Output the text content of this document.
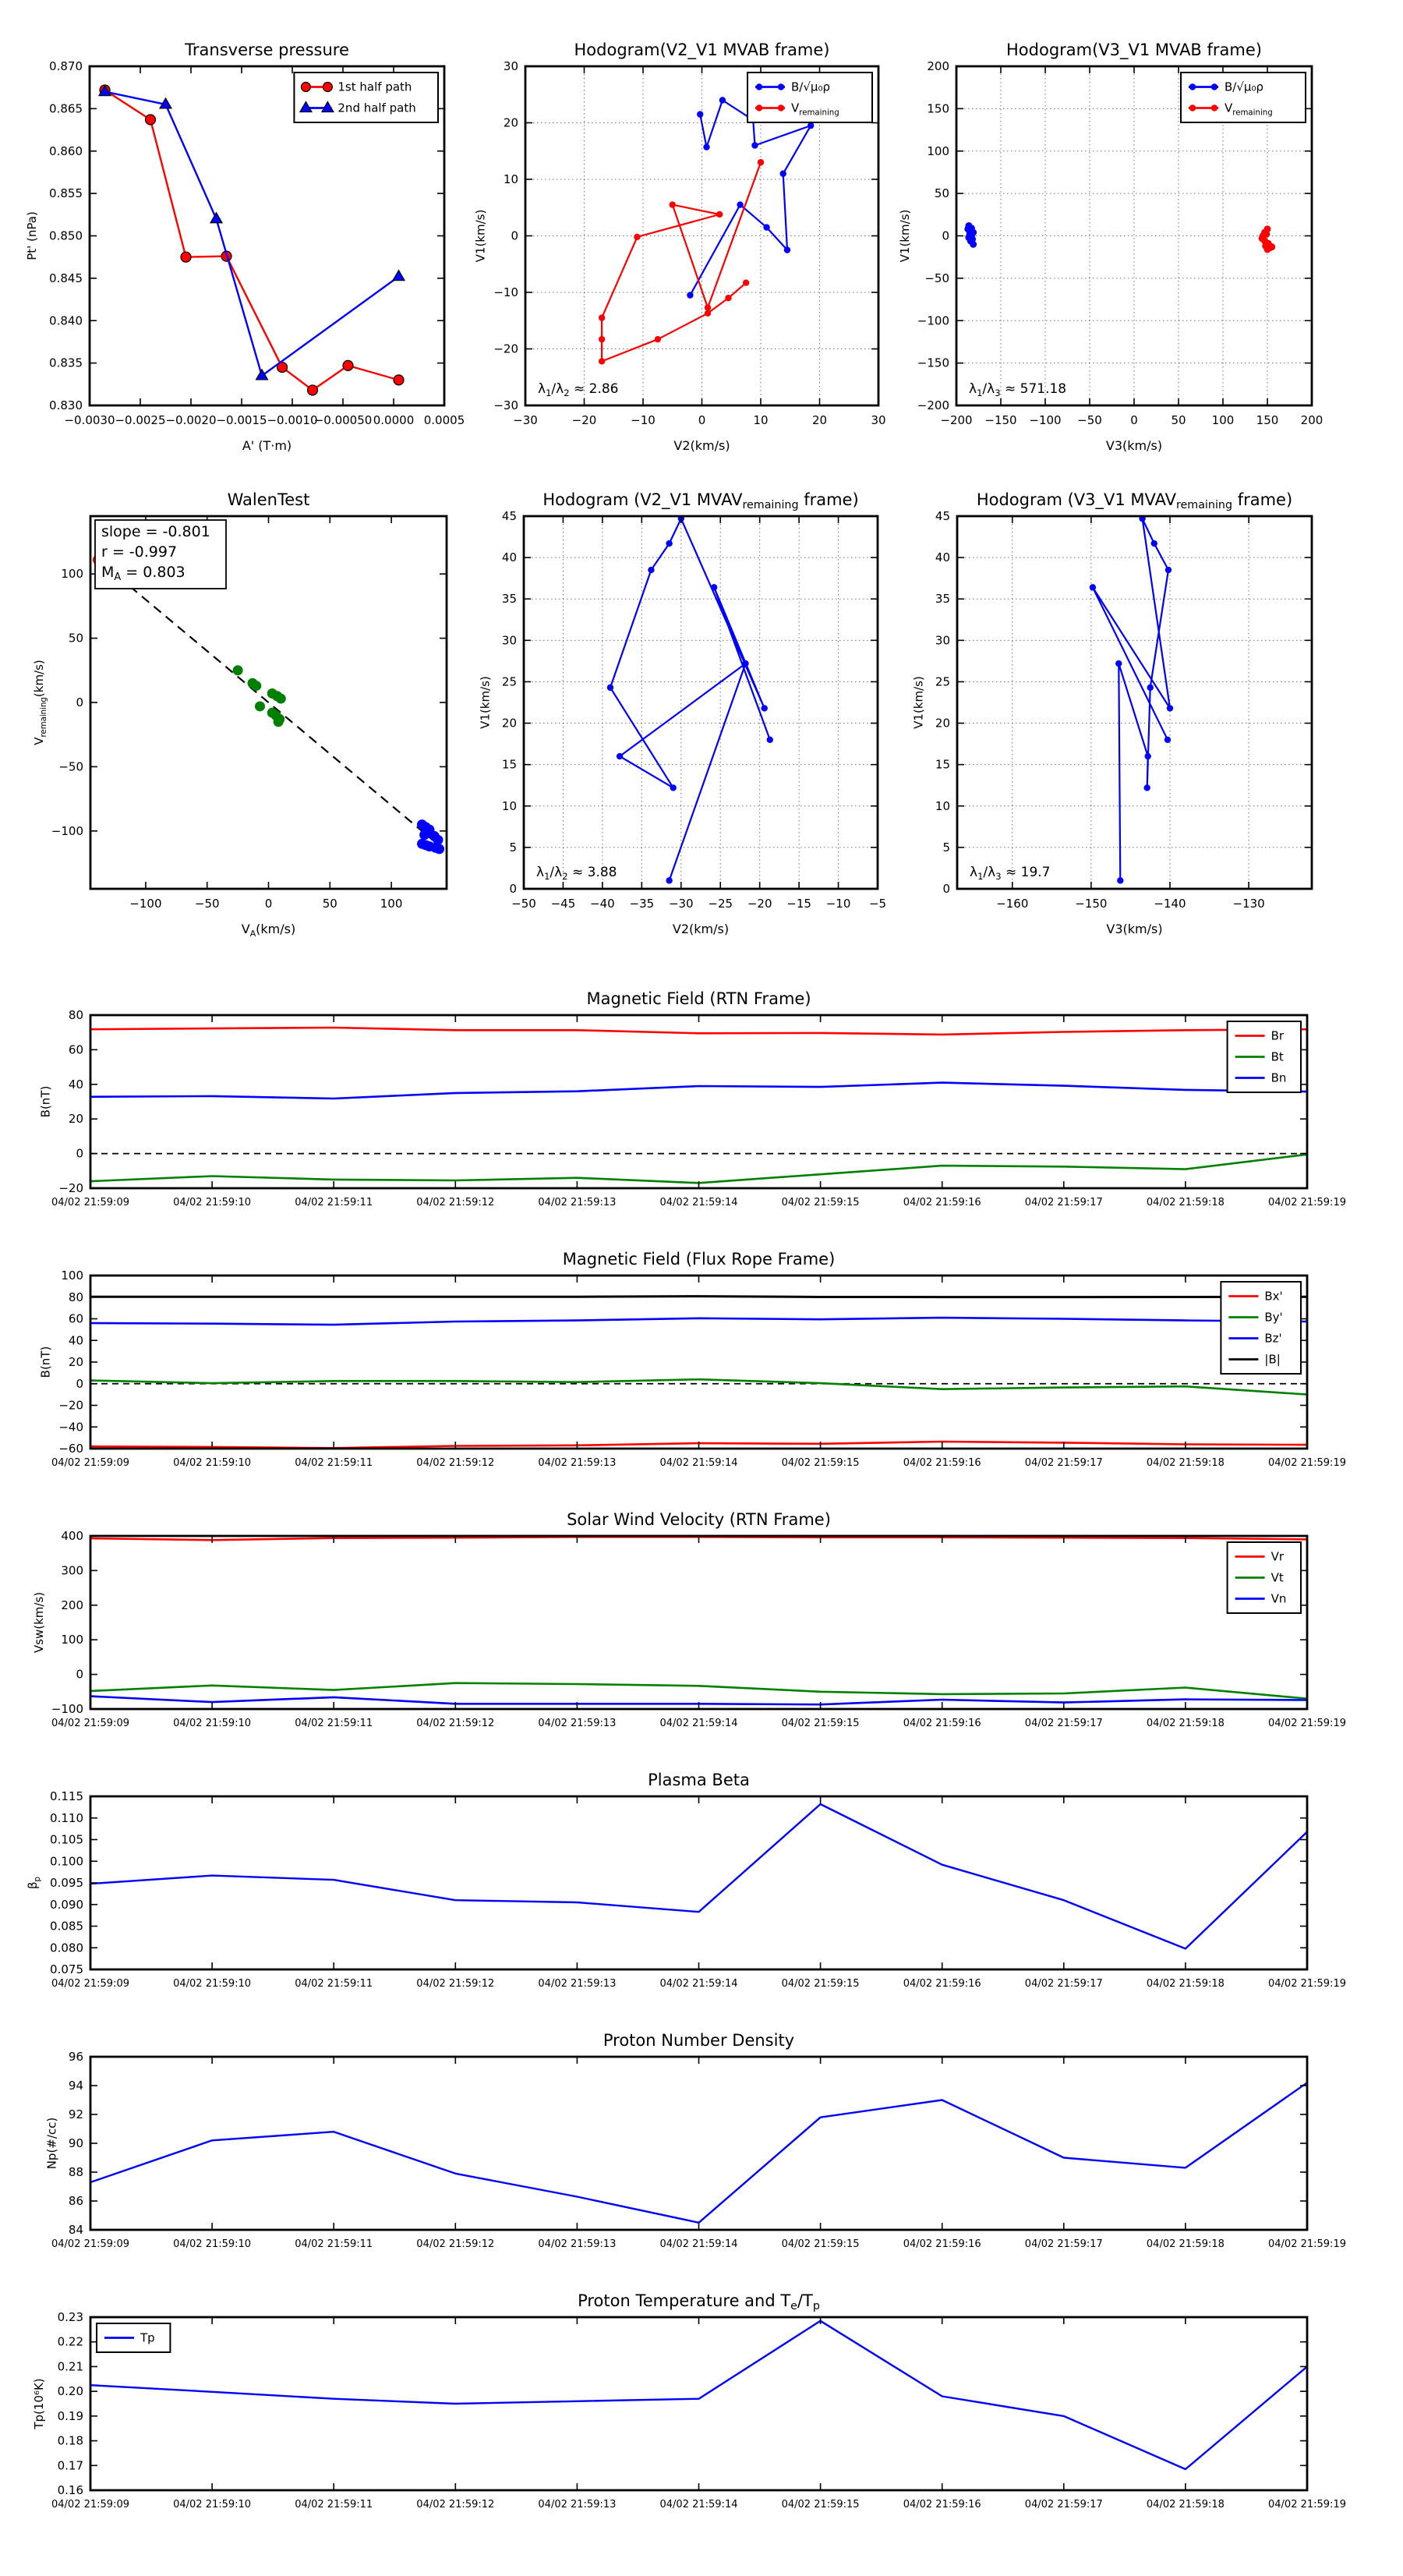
−0.0030 −0.0025 −0.0020 −0.0015 −0.0010
−0.00050 0.0000 0.0005
0.830
0.835
0.840
0.845
0.850
0.855
0.860
0.865
0.870
Transverse pressure
A' (T·m)
Pt' (nPa)
1st half path
2nd half path
−30	−20	−10	0	10	20	30
−30
−20
−10
0
10
20
30
Hodogram(V2_V1 MVAB frame)
V2(km/s)
V1(km/s)
$\lambda_1/\lambda_2 \approx 2.86$
B/√μ₀ρ
$V_{remaining}$
−200 −150 −100 −50 0	50 100 150 200
−200
−150
−100
−50
0
50
100
150
200
Hodogram(V3_V1 MVAB frame)
V3(km/s)
V1(km/s)
$\lambda_1/\lambda_3 \approx 571.18$
B/√μ₀ρ
$V_{remaining}$
−100	−50	0	50	100
−100
−50
0
50
100
WalenTest
$V_A(km/s)$
$V_{remaining}(km/s)$
slope = -0.801
r = -0.997
$M_A = 0.803$
−50 −45 −40 −35 −30 −25 −20 −15 −10 −5
0
5
10
15
20
25
30
35
40
45
Hodogram (V2_V1 MVAVremaining frame)
V2(km/s)
V1(km/s)
$\lambda_1/\lambda_2 \approx 3.88$
−160	−150	−140	−130
0
5
10
15
20
25
30
35
40
45
Hodogram (V3_V1 MVAVremaining frame)
V3(km/s)
V1(km/s)
$\lambda_1/\lambda_3 \approx 19.7$
04/02 21:59:09	04/02 21:59:10	04/02 21:59:11	04/02 21:59:12	04/02 21:59:13	04/02 21:59:14	04/02 21:59:15	04/02 21:59:16	04/02 21:59:17	04/02 21:59:18	04/02 21:59:19
−20
0
20
40
60
80
Magnetic Field (RTN Frame)
B(nT)
Br
Bt
Bn
04/02 21:59:09	04/02 21:59:10	04/02 21:59:11	04/02 21:59:12	04/02 21:59:13	04/02 21:59:14	04/02 21:59:15	04/02 21:59:16	04/02 21:59:17	04/02 21:59:18	04/02 21:59:19
−60
−40
−20
0
20
40
60
80
100
Magnetic Field (Flux Rope Frame)
B(nT)
Bx'
By'
Bz'
|B|
04/02 21:59:09	04/02 21:59:10	04/02 21:59:11	04/02 21:59:12	04/02 21:59:13	04/02 21:59:14	04/02 21:59:15	04/02 21:59:16	04/02 21:59:17	04/02 21:59:18	04/02 21:59:19
−100
0
100
200
300
400
Solar Wind Velocity (RTN Frame)
Vsw(km/s)
Vr
Vt
Vn
04/02 21:59:09	04/02 21:59:10	04/02 21:59:11	04/02 21:59:12	04/02 21:59:13	04/02 21:59:14	04/02 21:59:15	04/02 21:59:16	04/02 21:59:17	04/02 21:59:18	04/02 21:59:19
0.075
0.080
0.085
0.090
0.095
0.100
0.105
0.110
0.115
Plasma Beta
$\beta_p$
04/02 21:59:09	04/02 21:59:10	04/02 21:59:11	04/02 21:59:12	04/02 21:59:13	04/02 21:59:14	04/02 21:59:15	04/02 21:59:16	04/02 21:59:17	04/02 21:59:18	04/02 21:59:19
84
86
88
90
92
94
96
Proton Number Density
Np(#/cc)
04/02 21:59:09	04/02 21:59:10	04/02 21:59:11	04/02 21:59:12	04/02 21:59:13	04/02 21:59:14	04/02 21:59:15	04/02 21:59:16	04/02 21:59:17	04/02 21:59:18	04/02 21:59:19
0.16
0.17
0.18
0.19
0.20
0.21
0.22
0.23
Proton Temperature and Te/Tp
Tp(10⁶K)
Tp
